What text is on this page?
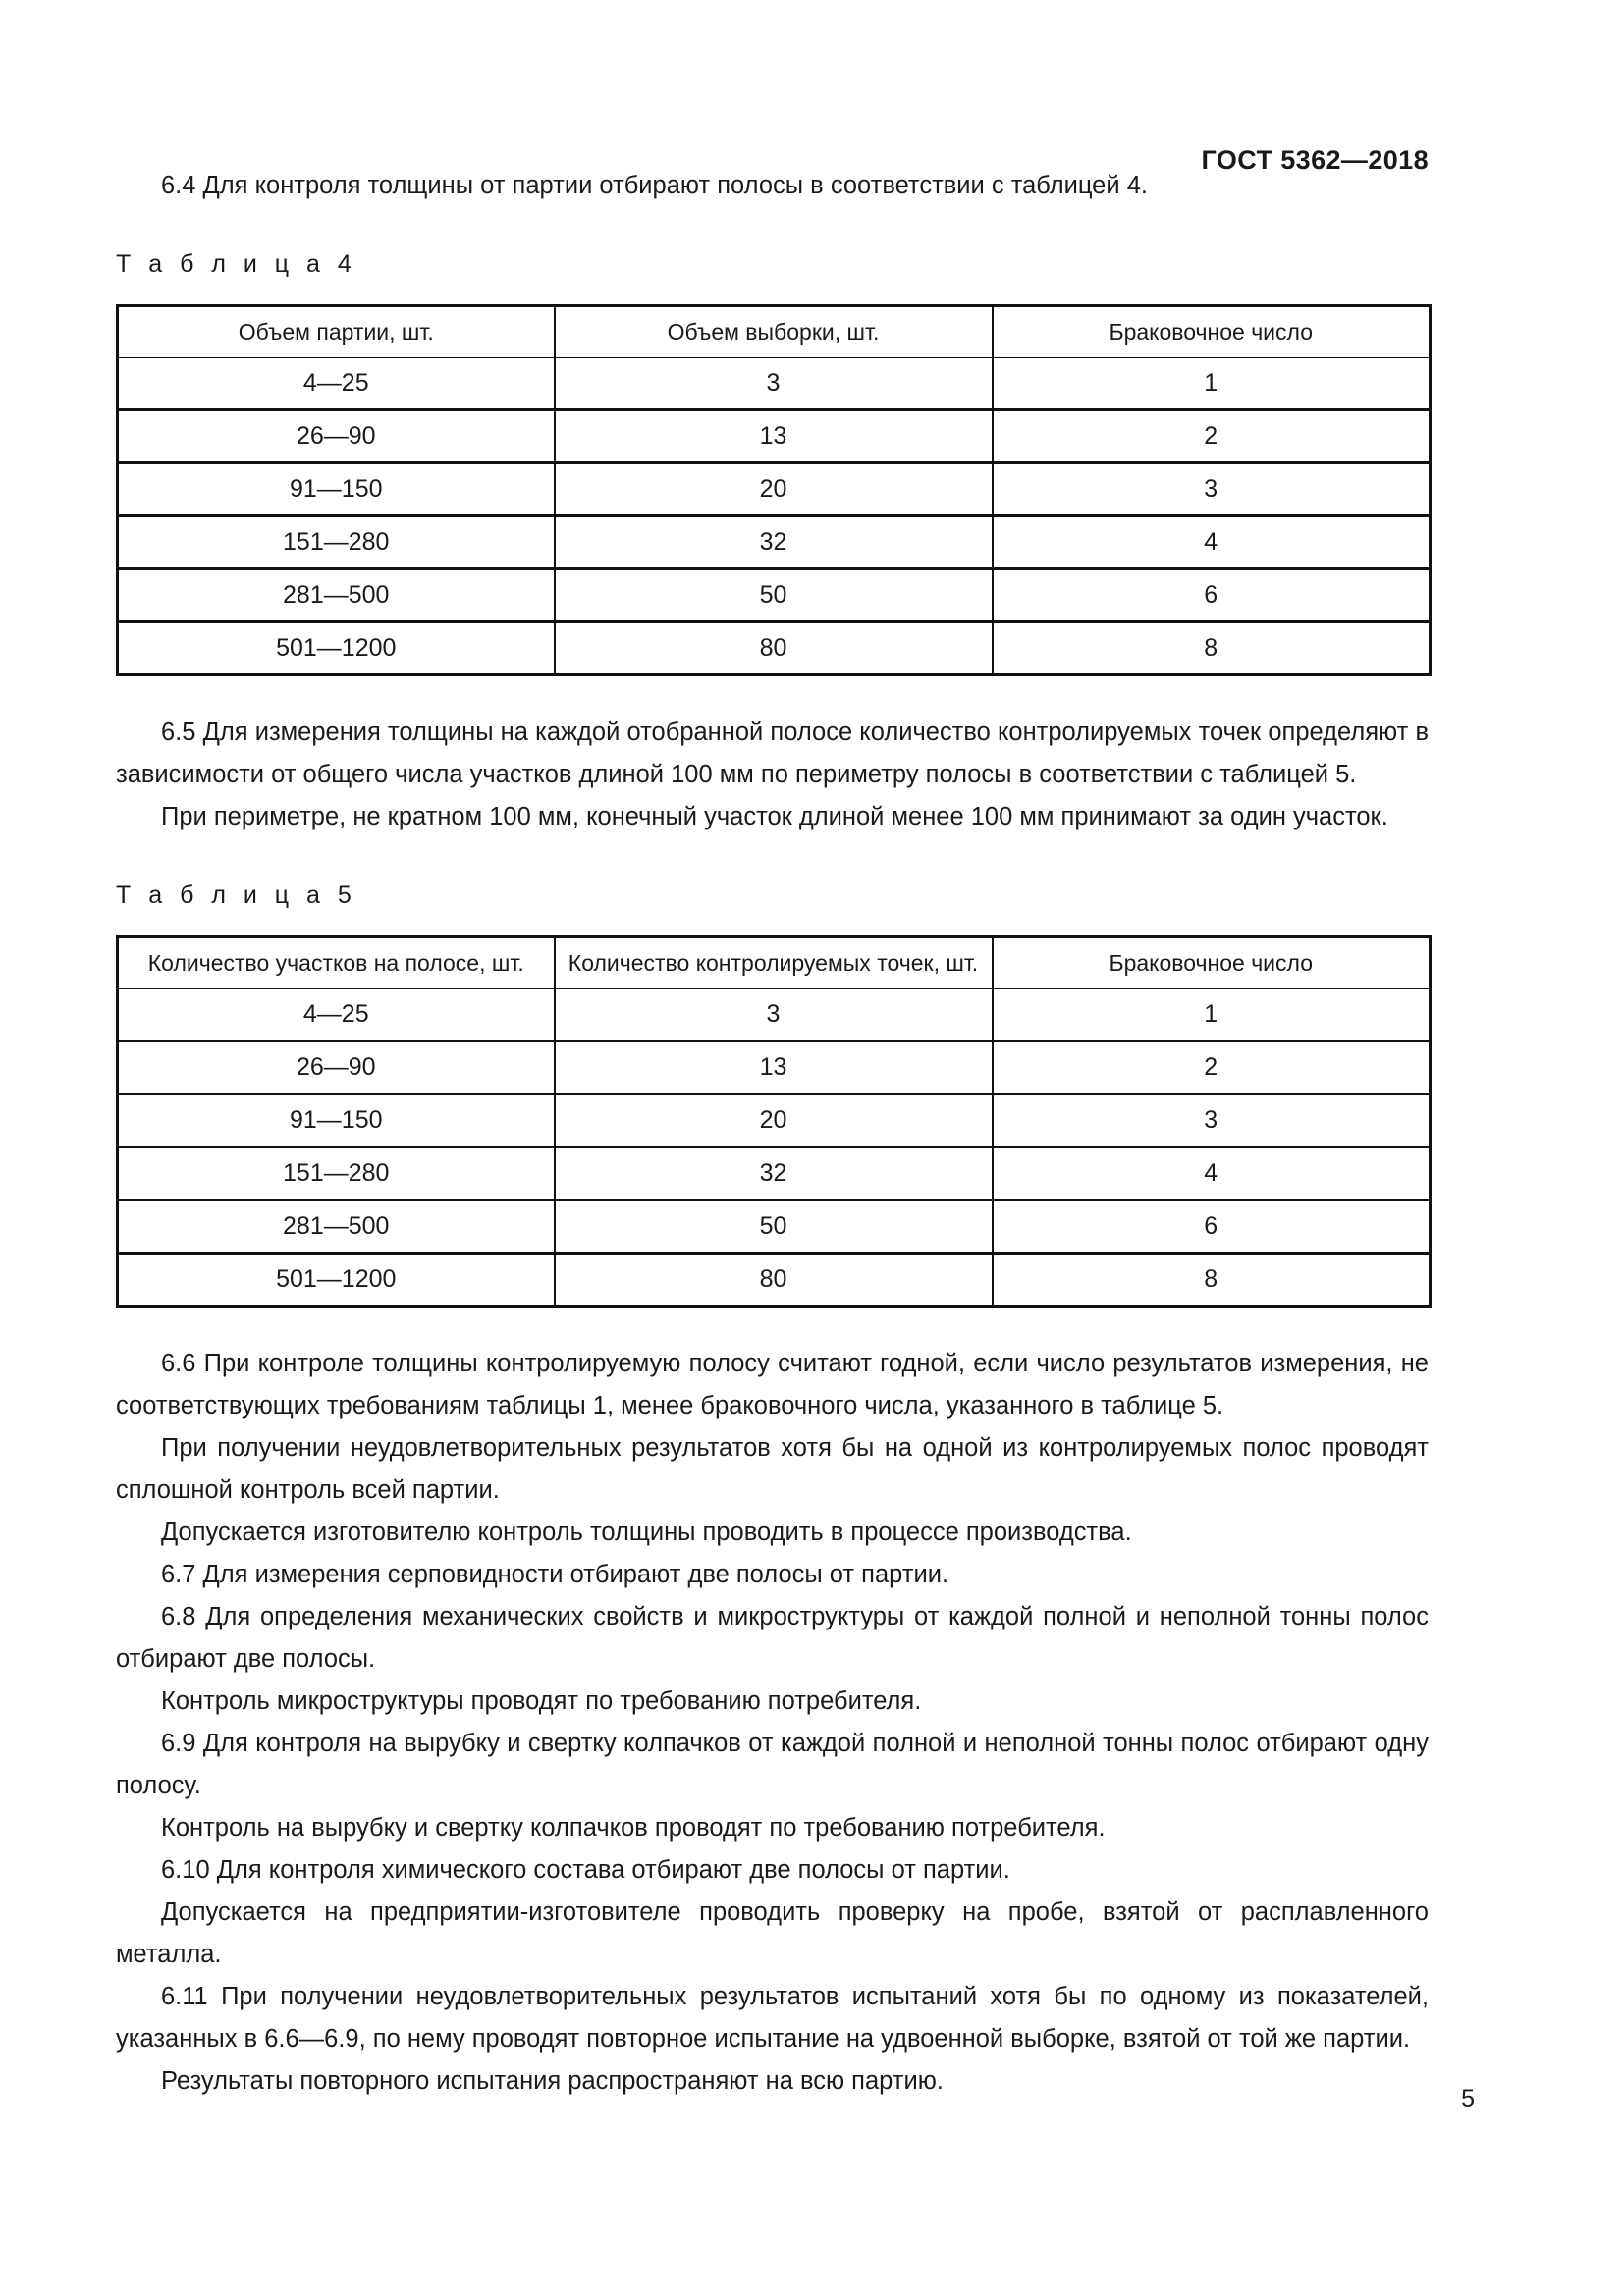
ГОСТ 5362—2018

6.4 Для контроля толщины от партии отбирают полосы в соответствии с таблицей 4.

Т а б л и ц а 4
Объем партии, шт.	Объем выборки, шт.	Браковочное число
4—25	3	1
26—90	13	2
91—150	20	3
151—280	32	4
281—500	50	6
501—1200	80	8

6.5 Для измерения толщины на каждой отобранной полосе количество контролируемых точек определяют в зависимости от общего числа участков длиной 100 мм по периметру полосы в соответствии с таблицей 5.

При периметре, не кратном 100 мм, конечный участок длиной менее 100 мм принимают за один участок.

Т а б л и ц а 5
Количество участков на полосе, шт.	Количество контролируемых точек, шт.	Браковочное число
4—25	3	1
26—90	13	2
91—150	20	3
151—280	32	4
281—500	50	6
501—1200	80	8

6.6 При контроле толщины контролируемую полосу считают годной, если число результатов измерения, не соответствующих требованиям таблицы 1, менее браковочного числа, указанного в таблице 5.

При получении неудовлетворительных результатов хотя бы на одной из контролируемых полос проводят сплошной контроль всей партии.

Допускается изготовителю контроль толщины проводить в процессе производства.

6.7 Для измерения серповидности отбирают две полосы от партии.

6.8 Для определения механических свойств и микроструктуры от каждой полной и неполной тонны полос отбирают две полосы.

Контроль микроструктуры проводят по требованию потребителя.

6.9 Для контроля на вырубку и свертку колпачков от каждой полной и неполной тонны полос отбирают одну полосу.

Контроль на вырубку и свертку колпачков проводят по требованию потребителя.

6.10 Для контроля химического состава отбирают две полосы от партии.

Допускается на предприятии-изготовителе проводить проверку на пробе, взятой от расплавленного металла.

6.11 При получении неудовлетворительных результатов испытаний хотя бы по одному из показателей, указанных в 6.6—6.9, по нему проводят повторное испытание на удвоенной выборке, взятой от той же партии.

Результаты повторного испытания распространяют на всю партию.

5
